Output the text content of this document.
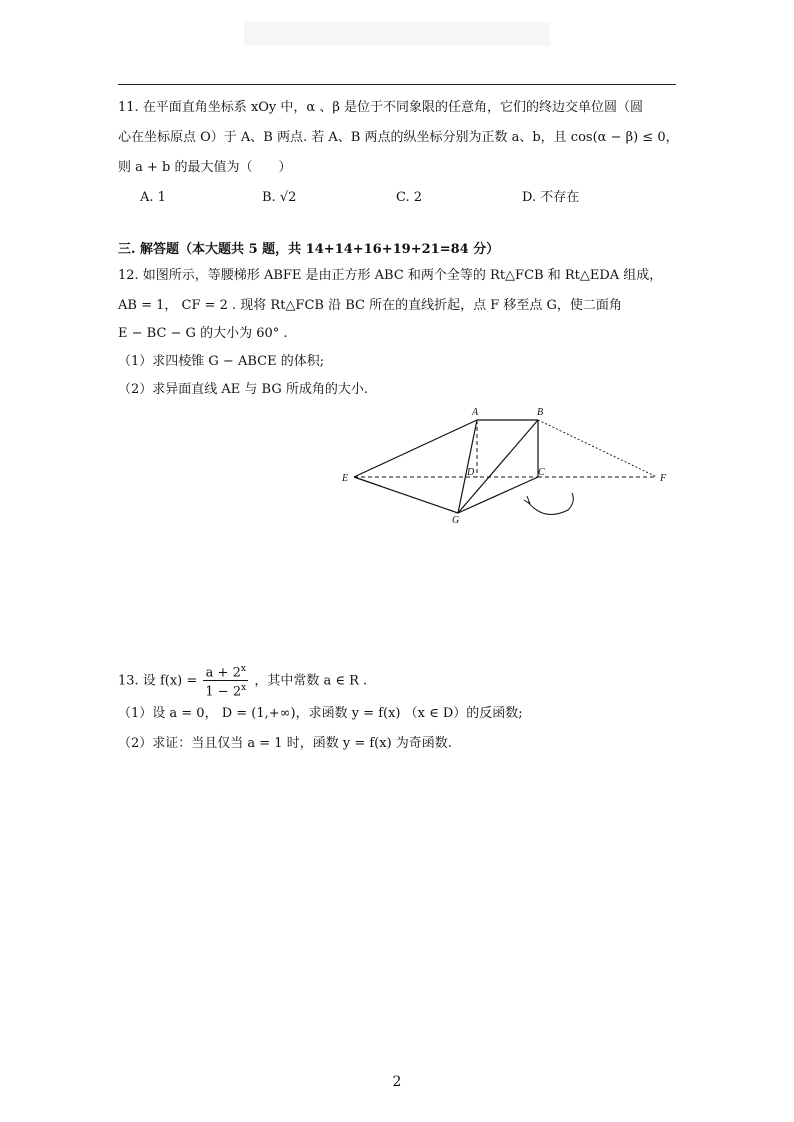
11. 在平面直角坐标系 xOy 中，α 、β 是位于不同象限的任意角，它们的终边交单位圆（圆
心在坐标原点 O）于 A、B 两点. 若 A、B 两点的纵坐标分别为正数 a、b，且 cos(α − β) ≤ 0，
则 a + b 的最大值为（　　）
A. 1	B. √2	C. 2	D. 不存在
三. 解答题（本大题共 5 题，共 14+14+16+19+21=84 分）
12. 如图所示，等腰梯形 ABFE 是由正方形 ABC 和两个全等的 Rt△FCB 和 Rt△EDA 组成，
AB = 1， CF = 2 . 现将 Rt△FCB 沿 BC 所在的直线折起，点 F 移至点 G，使二面角
E − BC − G 的大小为 60° .
（1）求四棱锥 G − ABCE 的体积;
（2）求异面直线 AE 与 BG 所成角的大小.
A	B
C
D
E	F
G
13. 设 $f(x) = \frac{a + 2^x}{1 - 2^x}$ ，其中常数 a ∈ R .
（1）设 a = 0， D = (1,+∞)，求函数 y = f(x) （x ∈ D）的反函数;
（2）求证：当且仅当 a = 1 时，函数 y = f(x) 为奇函数.
2
